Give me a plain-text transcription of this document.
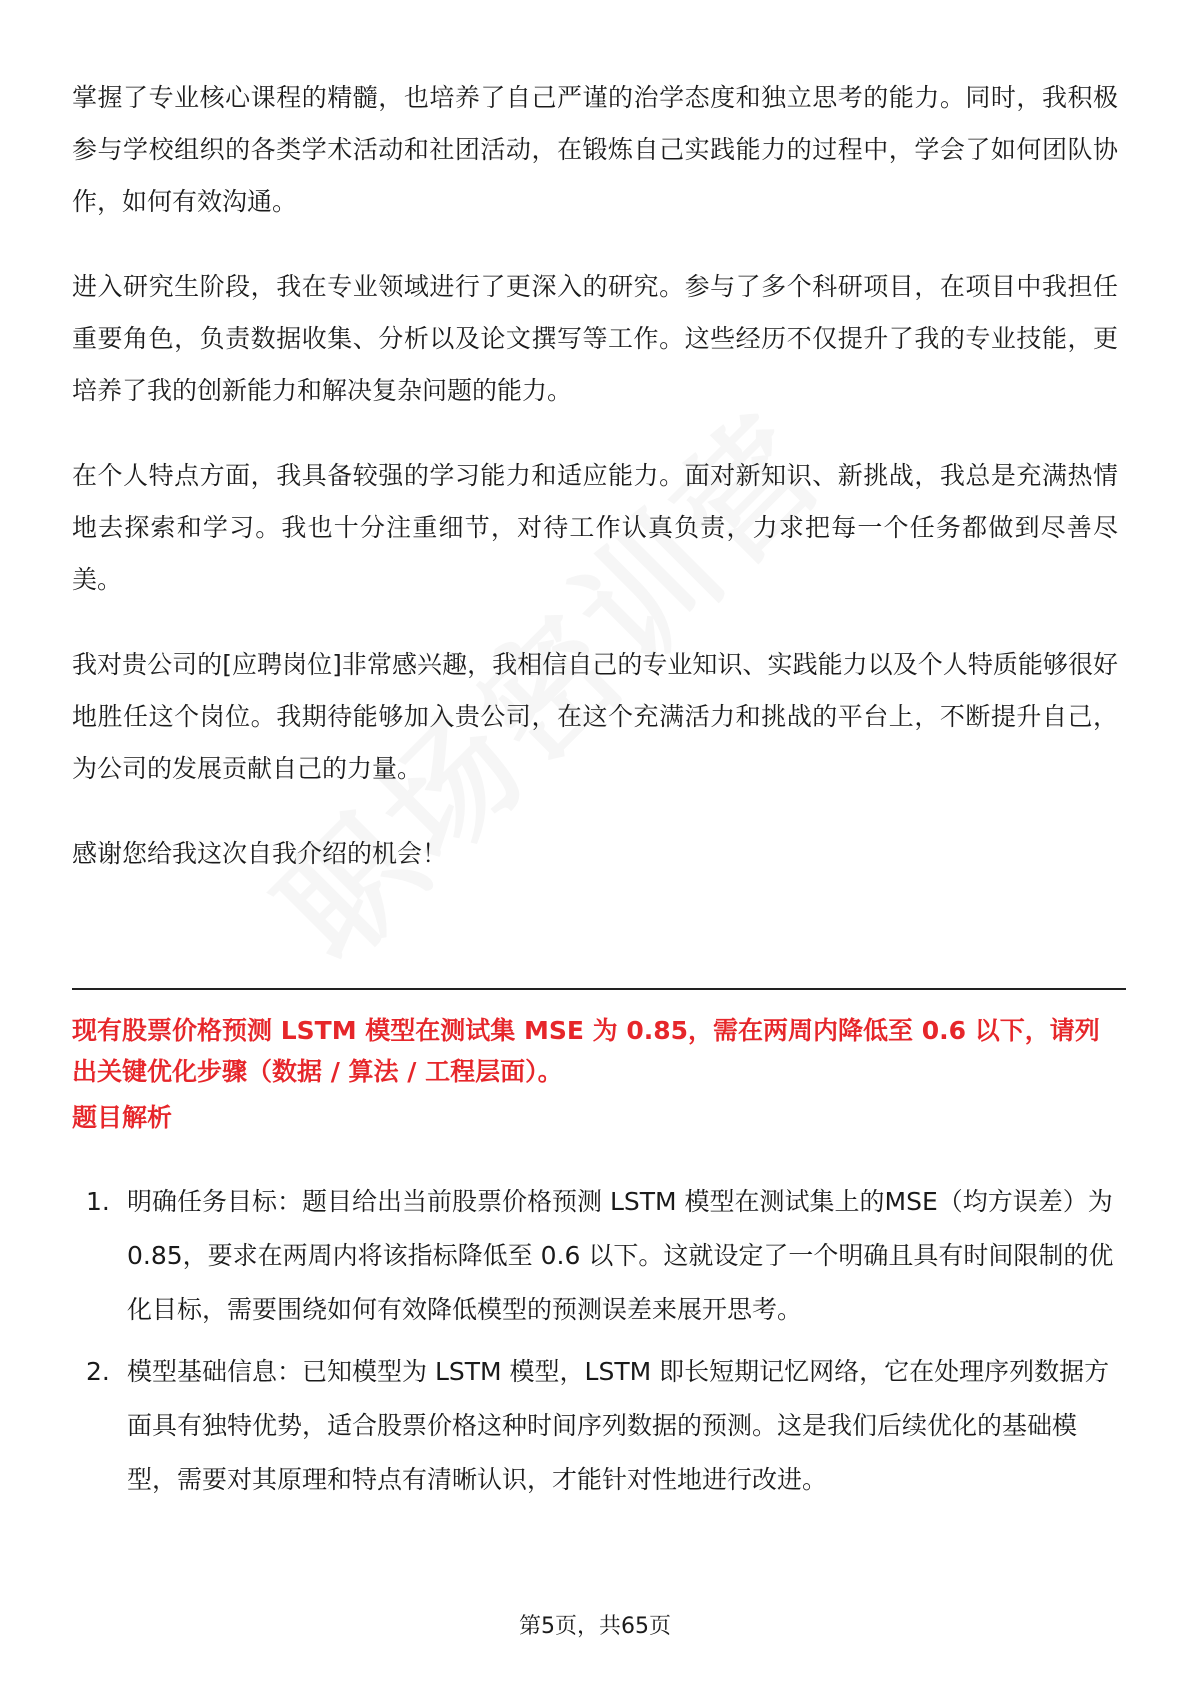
掌握了专业核心课程的精髓，也培养了自己严谨的治学态度和独立思考的能力。同时，我积极参与学校组织的各类学术活动和社团活动，在锻炼自己实践能力的过程中，学会了如何团队协作，如何有效沟通。

进入研究生阶段，我在专业领域进行了更深入的研究。参与了多个科研项目，在项目中我担任重要角色，负责数据收集、分析以及论文撰写等工作。这些经历不仅提升了我的专业技能，更培养了我的创新能力和解决复杂问题的能力。

在个人特点方面，我具备较强的学习能力和适应能力。面对新知识、新挑战，我总是充满热情地去探索和学习。我也十分注重细节，对待工作认真负责，力求把每一个任务都做到尽善尽美。

我对贵公司的[应聘岗位]非常感兴趣，我相信自己的专业知识、实践能力以及个人特质能够很好地胜任这个岗位。我期待能够加入贵公司，在这个充满活力和挑战的平台上，不断提升自己，为公司的发展贡献自己的力量。

感谢您给我这次自我介绍的机会！

现有股票价格预测 LSTM 模型在测试集 MSE 为 0.85，需在两周内降低至 0.6 以下，请列出关键优化步骤（数据 / 算法 / 工程层面）。

题目解析

1. 明确任务目标：题目给出当前股票价格预测 LSTM 模型在测试集上的MSE（均方误差）为 0.85，要求在两周内将该指标降低至 0.6 以下。这就设定了一个明确且具有时间限制的优化目标，需要围绕如何有效降低模型的预测误差来展开思考。
2. 模型基础信息：已知模型为 LSTM 模型，LSTM 即长短期记忆网络，它在处理序列数据方面具有独特优势，适合股票价格这种时间序列数据的预测。这是我们后续优化的基础模型，需要对其原理和特点有清晰认识，才能针对性地进行改进。
第5页，共65页
